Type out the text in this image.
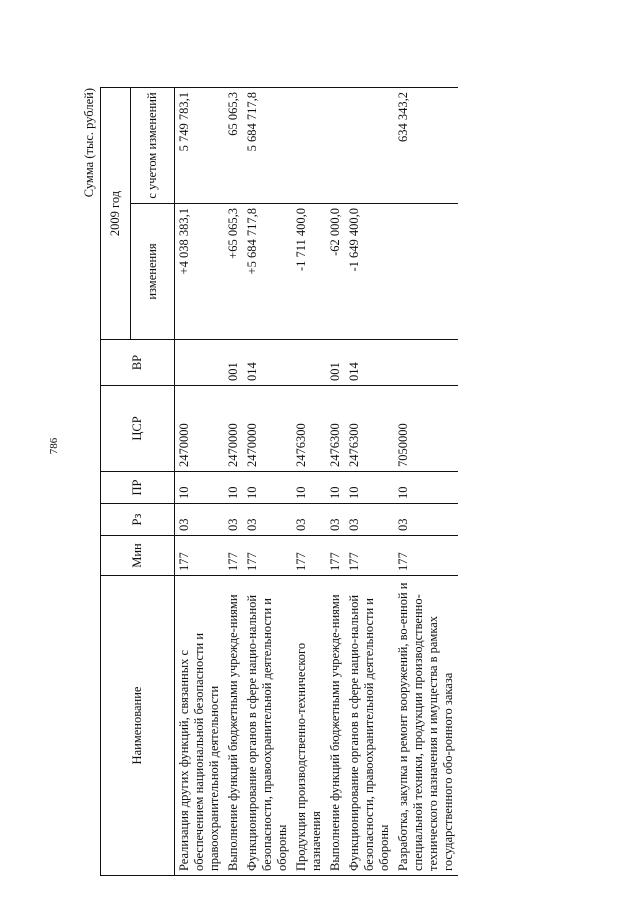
786
Сумма (тыс. рублей)
Наименование	Мин	Рз	ПР	ЦСР	ВР	2009 год	
						изменения	с учетом изменений
Реализация других функций, связанных с обеспечением национальной безопасности и правоохранительной деятельности	177	03	10	2470000		+4 038 383,1	5 749 783,1
Выполнение функций бюджетными учрежде-ниями	177	03	10	2470000	001	+65 065,3	65 065,3
Функционирование органов в сфере нацио-нальной безопасности, правоохранительной деятельности и обороны	177	03	10	2470000	014	+5 684 717,8	5 684 717,8
Продукция производственно-технического назначения	177	03	10	2476300		-1 711 400,0	
Выполнение функций бюджетными учрежде-ниями	177	03	10	2476300	001	-62 000,0	
Функционирование органов в сфере нацио-нальной безопасности, правоохранительной деятельности и обороны	177	03	10	2476300	014	-1 649 400,0	
Разработка, закупка и ремонт вооружений, во-енной и специальной техники, продукции производственно-технического назначения и имущества в рамках государственного обо-ронного заказа	177	03	10	7050000			634 343,2
